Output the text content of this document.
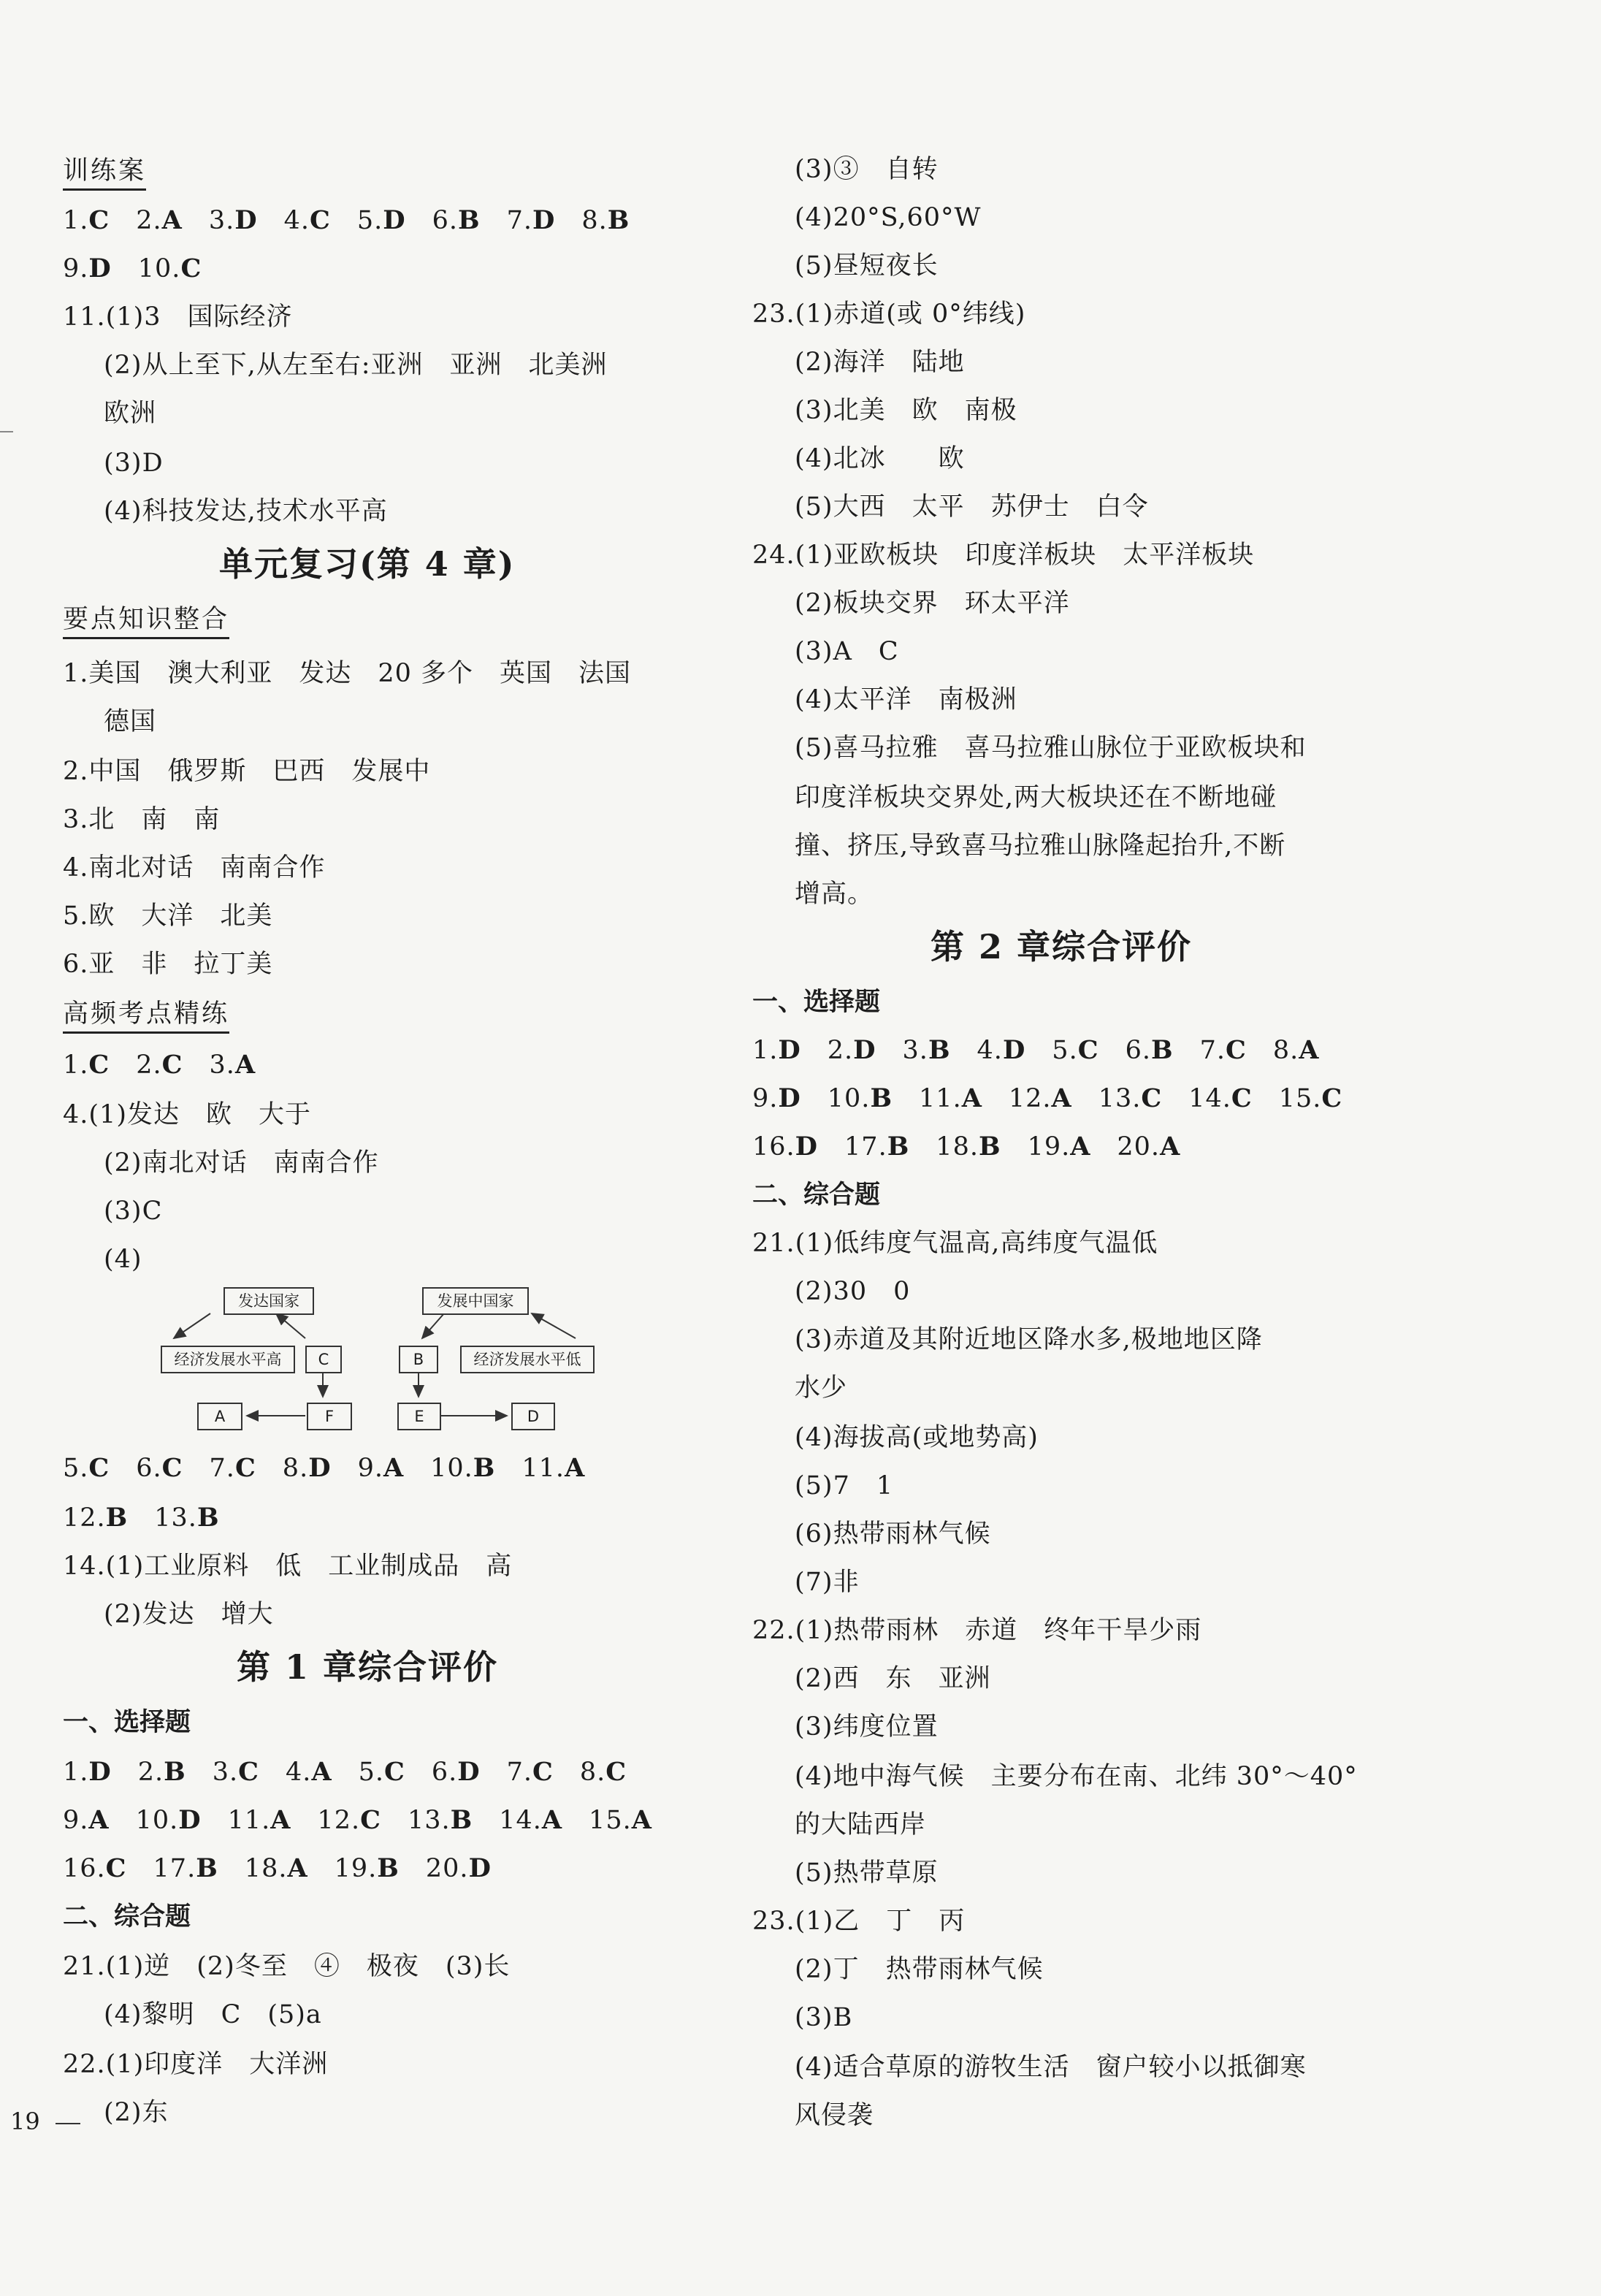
训练案
1.C  2.A  3.D  4.C  5.D  6.B  7.D  8.B
9.D  10.C
11.(1)3　国际经济
(2)从上至下,从左至右:亚洲　亚洲　北美洲
欧洲
(3)D
(4)科技发达,技术水平高
单元复习(第 4 章)
要点知识整合
1.美国　澳大利亚　发达　20 多个　英国　法国
德国
2.中国　俄罗斯　巴西　发展中
3.北　南　南
4.南北对话　南南合作
5.欧　大洋　北美
6.亚　非　拉丁美
高频考点精练
1.C  2.C  3.A
4.(1)发达　欧　大于
(2)南北对话　南南合作
(3)C
(4)
发达国家
经济发展水平高	C
A	F
发展中国家
B	经济发展水平低
E	D
5.C  6.C  7.C  8.D  9.A  10.B  11.A
12.B  13.B
14.(1)工业原料　低　工业制成品　高
(2)发达　增大
第 1 章综合评价
一、选择题
1.D  2.B  3.C  4.A  5.C  6.D  7.C  8.C
9.A  10.D  11.A  12.C  13.B  14.A  15.A
16.C  17.B  18.A  19.B  20.D
二、综合题
21.(1)逆　(2)冬至　④　极夜　(3)长
(4)黎明　C　(5)a
22.(1)印度洋　大洋洲
(2)东
(3)③　自转
(4)20°S,60°W
(5)昼短夜长
23.(1)赤道(或 0°纬线)
(2)海洋　陆地
(3)北美　欧　南极
(4)北冰　　欧
(5)大西　太平　苏伊士　白令
24.(1)亚欧板块　印度洋板块　太平洋板块
(2)板块交界　环太平洋
(3)A　C
(4)太平洋　南极洲
(5)喜马拉雅　喜马拉雅山脉位于亚欧板块和
印度洋板块交界处,两大板块还在不断地碰
撞、挤压,导致喜马拉雅山脉隆起抬升,不断
增高。
第 2 章综合评价
一、选择题
1.D  2.D  3.B  4.D  5.C  6.B  7.C  8.A
9.D  10.B  11.A  12.A  13.C  14.C  15.C
16.D  17.B  18.B  19.A  20.A
二、综合题
21.(1)低纬度气温高,高纬度气温低
(2)30　0
(3)赤道及其附近地区降水多,极地地区降
水少
(4)海拔高(或地势高)
(5)7　1
(6)热带雨林气候
(7)非
22.(1)热带雨林　赤道　终年干旱少雨
(2)西　东　亚洲
(3)纬度位置
(4)地中海气候　主要分布在南、北纬 30°～40°
的大陆西岸
(5)热带草原
23.(1)乙　丁　丙
(2)丁　热带雨林气候
(3)B
(4)适合草原的游牧生活　窗户较小以抵御寒
风侵袭
19
